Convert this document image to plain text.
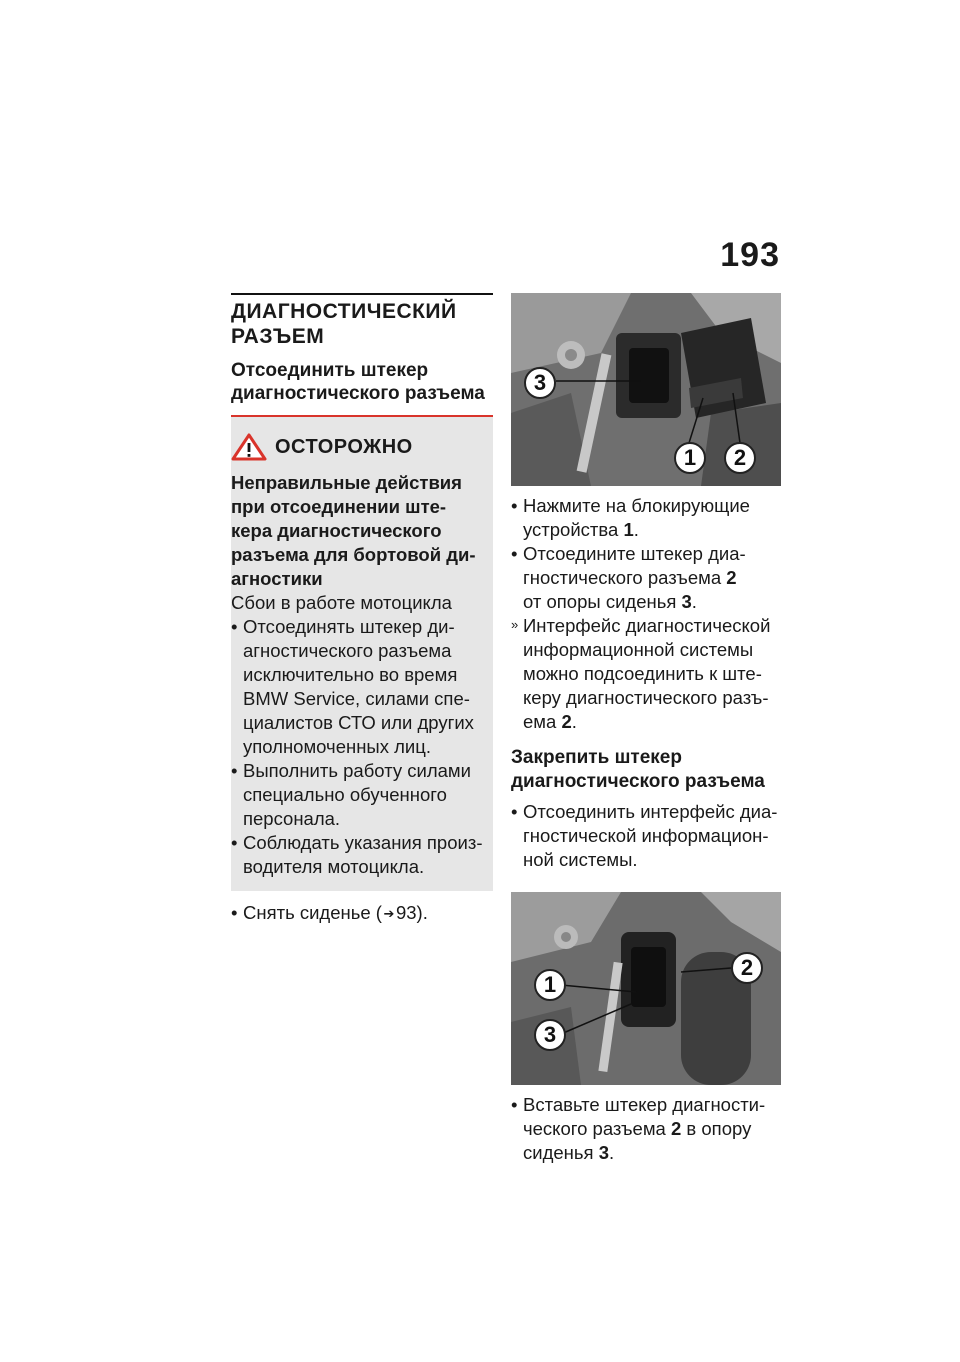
193
ДИАГНОСТИЧЕСКИЙ
РАЗЪЕМ
Отсоединить штекер
диагностического разъема
ОСТОРОЖНО
Неправильные действия
при отсоединении ште-
кера диагностического
разъема для бортовой ди-
агностики
Сбои в работе мотоцикла
• Отсоединять штекер ди-агностического разъема исключительно во время BMW Service, силами спе-циалистов СТО или других уполномоченных лиц.
• Выполнить работу силами специально обученного персонала.
• Соблюдать указания произ-водителя мотоцикла.
• Снять сиденье ( ➔93).
3
1	2
• Нажмите на блокирующие устройства 1.
• Отсоедините штекер диа-гностического разъема 2
от опоры сиденья 3.
» Интерфейс диагностической информационной системы можно подсоединить к ште-керу диагностического разъ-ема 2.
Закрепить штекер
диагностического разъема
• Отсоединить интерфейс диа-гностической информацион-ной системы.
1
2
3
• Вставьте штекер диагности-ческого разъема 2 в опору сиденья 3.
